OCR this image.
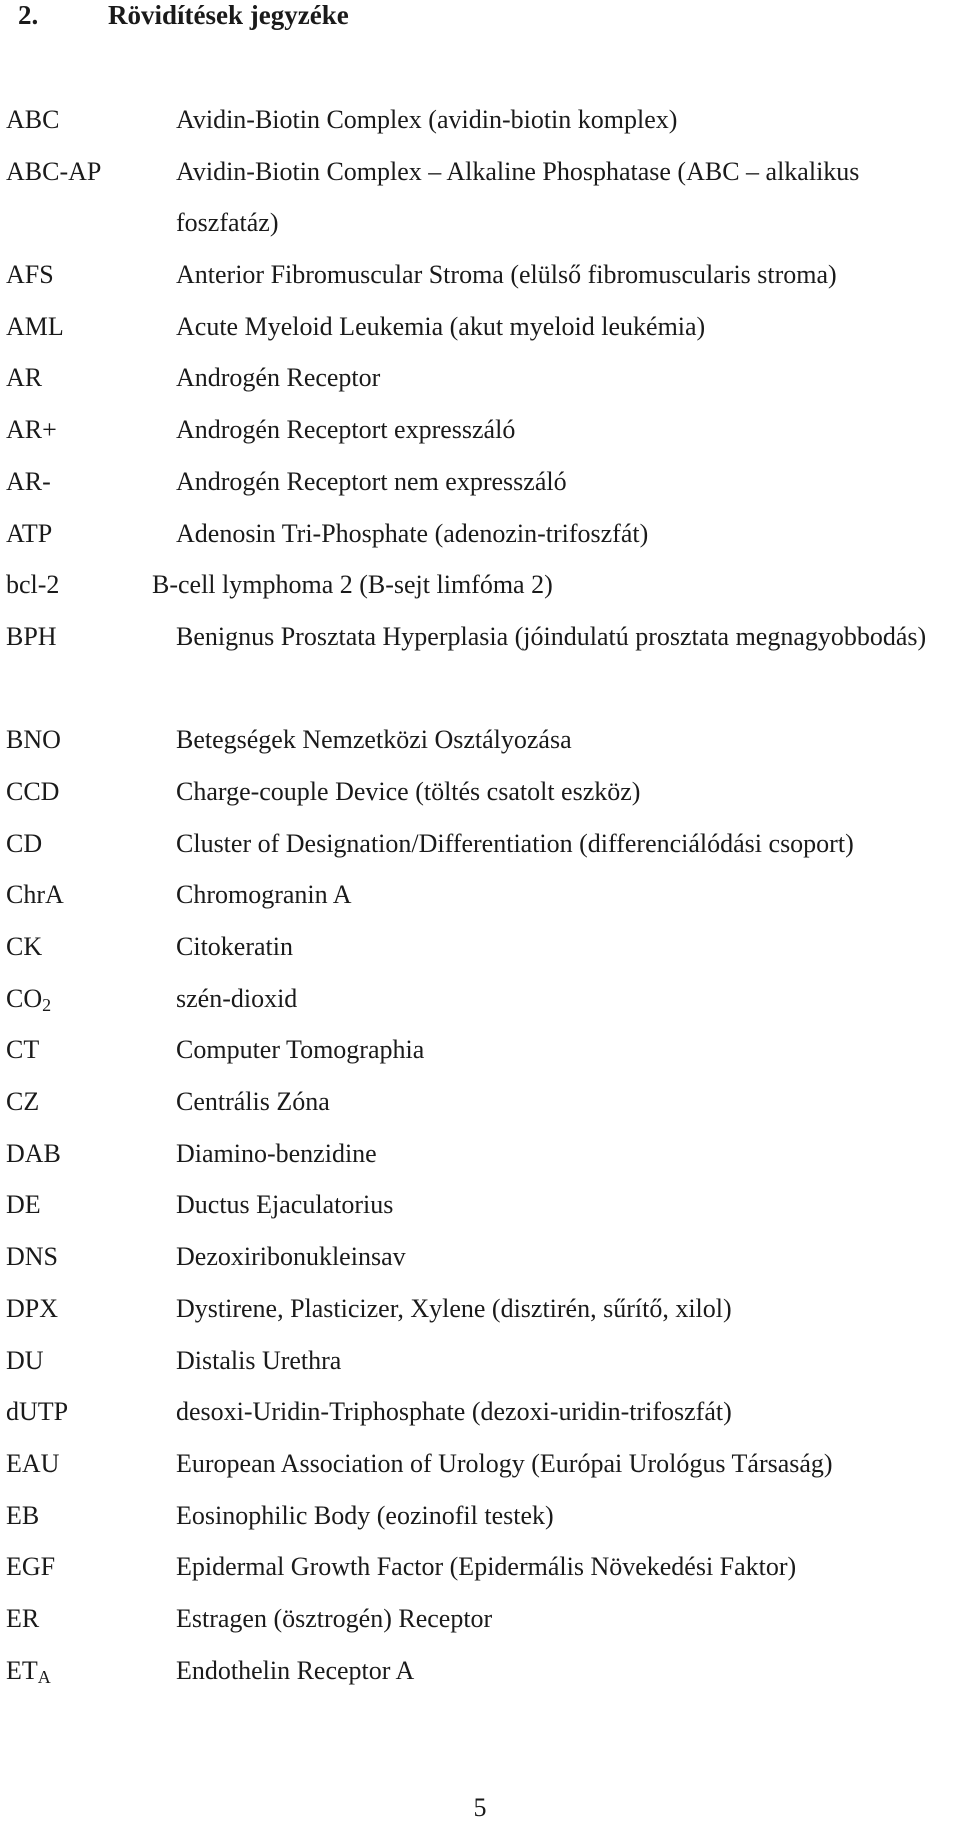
2.	Rövidítések jegyzéke
ABC	Avidin-Biotin Complex (avidin-biotin komplex)
ABC-AP	Avidin-Biotin Complex – Alkaline Phosphatase (ABC – alkalikus foszfatáz)
AFS	Anterior Fibromuscular Stroma (elülső fibromuscularis stroma)
AML	Acute Myeloid Leukemia (akut myeloid leukémia)
AR	Androgén Receptor
AR+	Androgén Receptort expresszáló
AR-	Androgén Receptort nem expresszáló
ATP	Adenosin Tri-Phosphate (adenozin-trifoszfát)
bcl-2	B-cell lymphoma 2 (B-sejt limfóma 2)
BPH	Benignus Prosztata Hyperplasia (jóindulatú prosztata megnagyobbodás)
BNO	Betegségek Nemzetközi Osztályozása
CCD	Charge-couple Device (töltés csatolt eszköz)
CD	Cluster of Designation/Differentiation (differenciálódási csoport)
ChrA	Chromogranin A
CK	Citokeratin
$CO_2$	szén-dioxid
CT	Computer Tomographia
CZ	Centrális Zóna
DAB	Diamino-benzidine
DE	Ductus Ejaculatorius
DNS	Dezoxiribonukleinsav
DPX	Dystirene, Plasticizer, Xylene (disztirén, sűrítő, xilol)
DU	Distalis Urethra
dUTP	desoxi-Uridin-Triphosphate (dezoxi-uridin-trifoszfát)
EAU	European Association of Urology (Európai Urológus Társaság)
EB	Eosinophilic Body (eozinofil testek)
EGF	Epidermal Growth Factor (Epidermális Növekedési Faktor)
ER	Estragen (ösztrogén) Receptor
$ET_A$	Endothelin Receptor A
5
